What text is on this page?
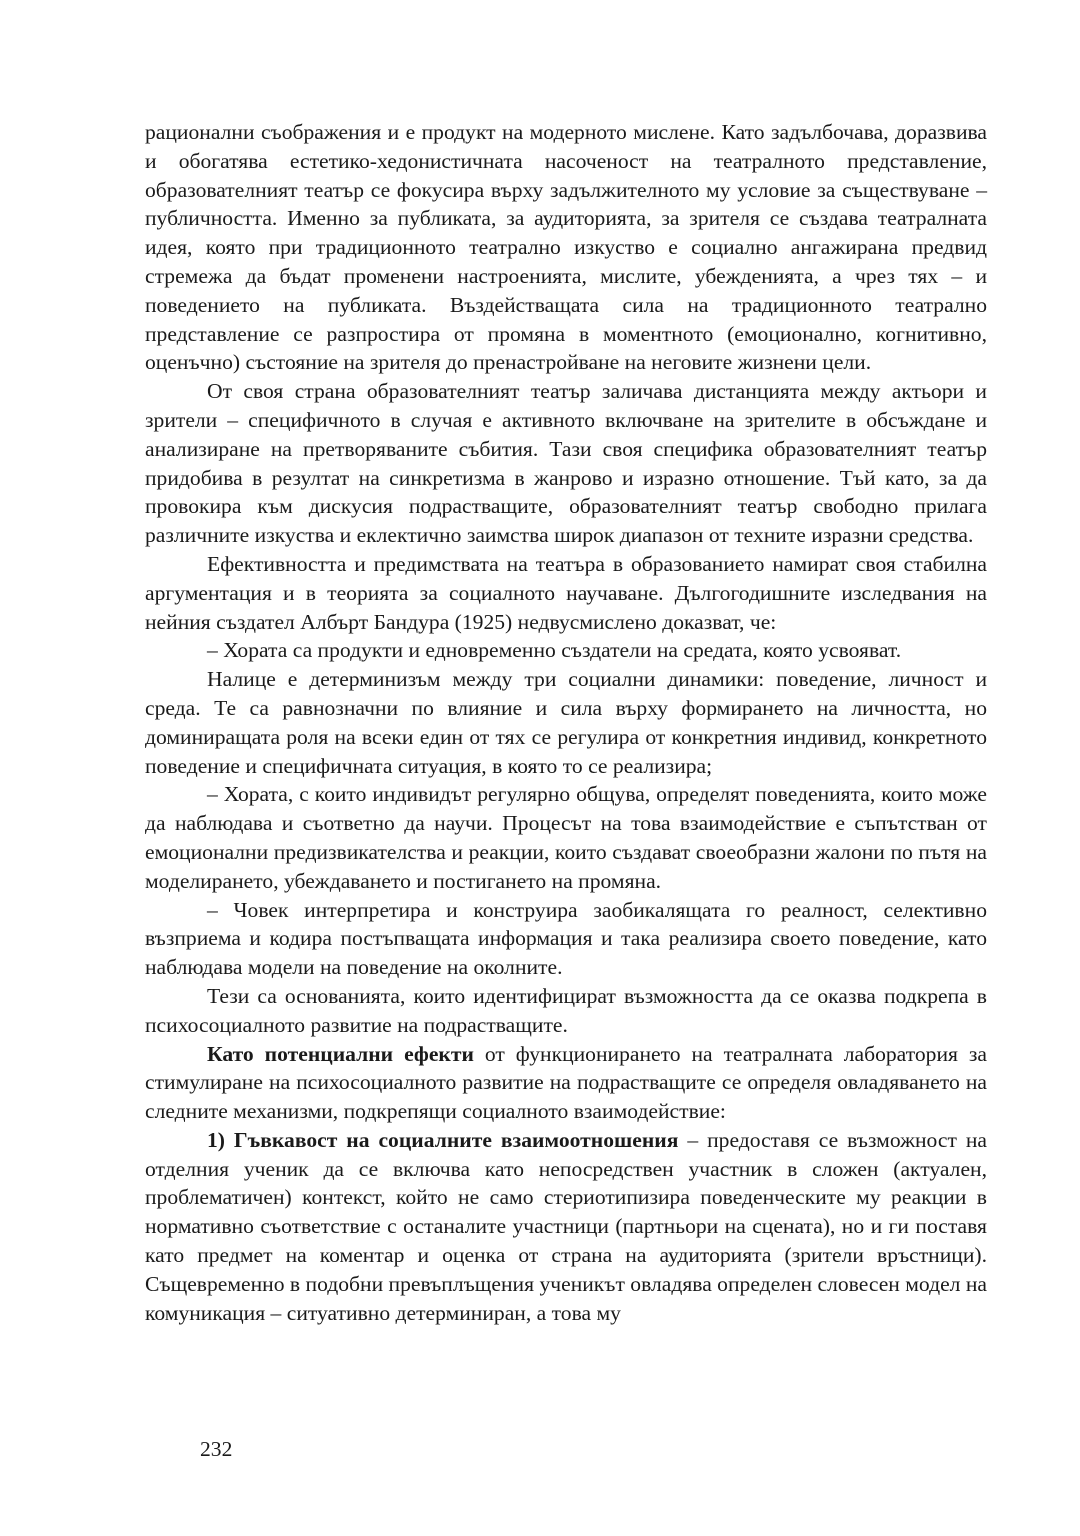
рационални съображения и е продукт на модерното мислене. Като задълбочава, доразвива и обогатява естетико-хедонистичната насоченост на театралното представление, образователният театър се фокусира върху задължителното му условие за съществуване – публичността. Именно за публиката, за аудиторията, за зрителя се създава театралната идея, която при традиционното театрално изкуство е социално ангажирана предвид стремежа да бъдат променени настроенията, мислите, убежденията, а чрез тях – и поведението на публиката. Въздействащата сила на традиционното театрално представление се разпростира от промяна в моментното (емоционално, когнитивно, оценъчно) състояние на зрителя до пренастройване на неговите жизнени цели.

От своя страна образователният театър заличава дистанцията между актьори и зрители – специфичното в случая е активното включване на зрителите в обсъждане и анализиране на претворяваните събития. Тази своя специфика образователният театър придобива в резултат на синкретизма в жанрово и изразно отношение. Тъй като, за да провокира към дискусия подрастващите, образователният театър свободно прилага различните изкуства и еклектично заимства широк диапазон от техните изразни средства.

Ефективността и предимствата на театъра в образованието намират своя стабилна аргументация и в теорията за социалното научаване. Дългогодишните изследвания на нейния създател Албърт Бандура (1925) недвусмислено доказват, че:

– Хората са продукти и едновременно създатели на средата, която усвояват.

Налице е детерминизъм между три социални динамики: поведение, личност и среда. Те са равнозначни по влияние и сила върху формирането на личността, но доминиращата роля на всеки един от тях се регулира от конкретния индивид, конкретното поведение и специфичната ситуация, в която то се реализира;

– Хората, с които индивидът регулярно общува, определят поведенията, които може да наблюдава и съответно да научи. Процесът на това взаимодействие е съпътстван от емоционални предизвикателства и реакции, които създават своеобразни жалони по пътя на моделирането, убеждаването и постигането на промяна.

– Човек интерпретира и конструира заобикалящата го реалност, селективно възприема и кодира постъпващата информация и така реализира своето поведение, като наблюдава модели на поведение на околните.

Тези са основанията, които идентифицират възможността да се оказва подкрепа в психосоциалното развитие на подрастващите.

Като потенциални ефекти от функционирането на театралната лаборатория за стимулиране на психосоциалното развитие на подрастващите се определя овладяването на следните механизми, подкрепящи социалното взаимодействие:

1) Гъвкавост на социалните взаимоотношения – предоставя се възможност на отделния ученик да се включва като непосредствен участник в сложен (актуален, проблематичен) контекст, който не само стериотипизира поведенческите му реакции в нормативно съответствие с останалите участници (партньори на сцената), но и ги поставя като предмет на коментар и оценка от страна на аудиторията (зрители връстници). Същевременно в подобни превъплъщения ученикът овладява определен словесен модел на комуникация – ситуативно детерминиран, а това му

232
